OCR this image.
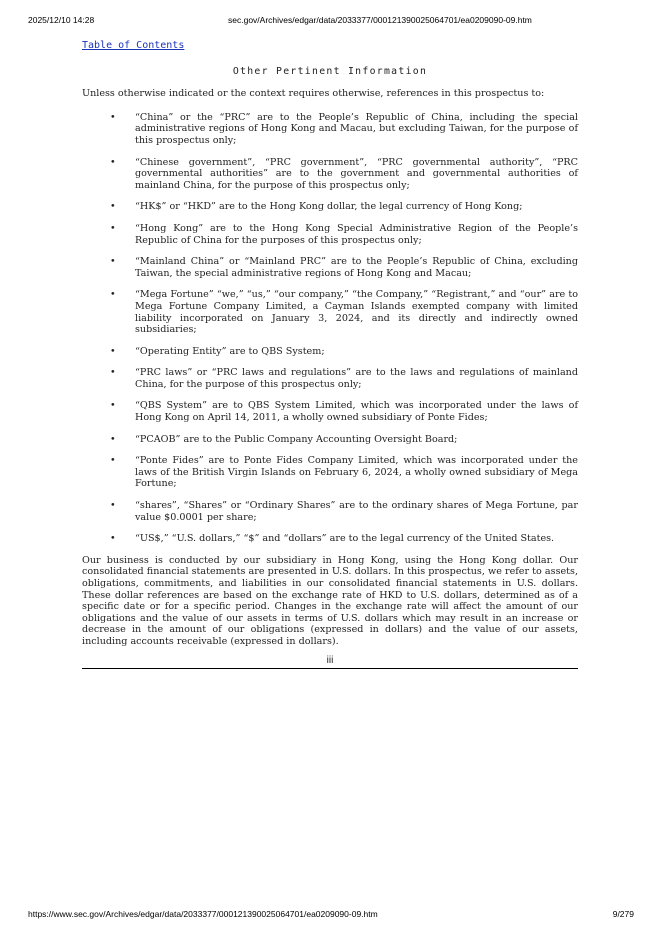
2025/12/10 14:28	sec.gov/Archives/edgar/data/2033377/000121390025064701/ea0209090-09.htm
Table of Contents
Other Pertinent Information
Unless otherwise indicated or the context requires otherwise, references in this prospectus to:
• “China” or the “PRC” are to the People’s Republic of China, including the special administrative regions of Hong Kong and Macau, but excluding Taiwan, for the purpose of this prospectus only;
• “Chinese government”, “PRC government”, “PRC governmental authority”, “PRC governmental authorities” are to the government and governmental authorities of mainland China, for the purpose of this prospectus only;
• “HK$” or “HKD” are to the Hong Kong dollar, the legal currency of Hong Kong;
• “Hong Kong” are to the Hong Kong Special Administrative Region of the People’s Republic of China for the purposes of this prospectus only;
• “Mainland China” or “Mainland PRC” are to the People’s Republic of China, excluding Taiwan, the special administrative regions of Hong Kong and Macau;
• “Mega Fortune” “we,” “us,” “our company,” “the Company,” “Registrant,” and “our” are to Mega Fortune Company Limited, a Cayman Islands exempted company with limited liability incorporated on January 3, 2024, and its directly and indirectly owned subsidiaries;
• “Operating Entity” are to QBS System;
• “PRC laws” or “PRC laws and regulations” are to the laws and regulations of mainland China, for the purpose of this prospectus only;
• “QBS System” are to QBS System Limited, which was incorporated under the laws of Hong Kong on April 14, 2011, a wholly owned subsidiary of Ponte Fides;
• “PCAOB” are to the Public Company Accounting Oversight Board;
• “Ponte Fides” are to Ponte Fides Company Limited, which was incorporated under the laws of the British Virgin Islands on February 6, 2024, a wholly owned subsidiary of Mega Fortune;
• “shares”, “Shares” or “Ordinary Shares” are to the ordinary shares of Mega Fortune, par value $0.0001 per share;
• “US$,” “U.S. dollars,” “$” and “dollars” are to the legal currency of the United States.
Our business is conducted by our subsidiary in Hong Kong, using the Hong Kong dollar. Our consolidated financial statements are presented in U.S. dollars. In this prospectus, we refer to assets, obligations, commitments, and liabilities in our consolidated financial statements in U.S. dollars. These dollar references are based on the exchange rate of HKD to U.S. dollars, determined as of a specific date or for a specific period. Changes in the exchange rate will affect the amount of our obligations and the value of our assets in terms of U.S. dollars which may result in an increase or decrease in the amount of our obligations (expressed in dollars) and the value of our assets, including accounts receivable (expressed in dollars).
iii
https://www.sec.gov/Archives/edgar/data/2033377/000121390025064701/ea0209090-09.htm	9/279
